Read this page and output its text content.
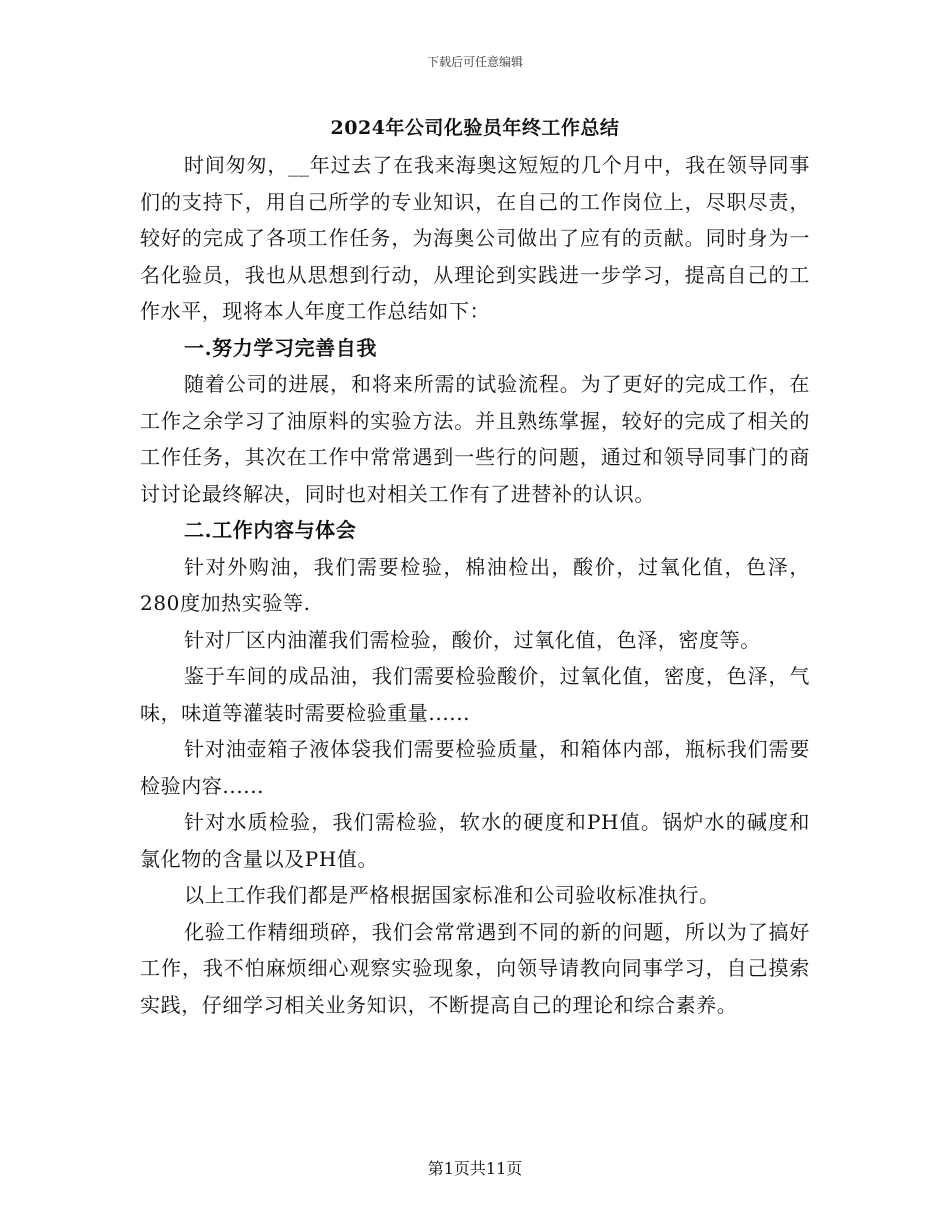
下载后可任意编辑
2024年公司化验员年终工作总结

时间匆匆，__年过去了在我来海奥这短短的几个月中，我在领导同事们的支持下，用自己所学的专业知识，在自己的工作岗位上，尽职尽责，较好的完成了各项工作任务，为海奥公司做出了应有的贡献。同时身为一名化验员，我也从思想到行动，从理论到实践进一步学习，提高自己的工作水平，现将本人年度工作总结如下：

一.努力学习完善自我

随着公司的进展，和将来所需的试验流程。为了更好的完成工作，在工作之余学习了油原料的实验方法。并且熟练掌握，较好的完成了相关的工作任务，其次在工作中常常遇到一些行的问题，通过和领导同事门的商讨讨论最终解决，同时也对相关工作有了进替补的认识。

二.工作内容与体会

针对外购油，我们需要检验，棉油检出，酸价，过氧化值，色泽，280度加热实验等.

针对厂区内油灌我们需检验，酸价，过氧化值，色泽，密度等。

鉴于车间的成品油，我们需要检验酸价，过氧化值，密度，色泽，气味，味道等灌装时需要检验重量......

针对油壶箱子液体袋我们需要检验质量，和箱体内部，瓶标我们需要检验内容......

针对水质检验，我们需检验，软水的硬度和PH值。锅炉水的碱度和氯化物的含量以及PH值。

以上工作我们都是严格根据国家标准和公司验收标准执行。

化验工作精细琐碎，我们会常常遇到不同的新的问题，所以为了搞好工作，我不怕麻烦细心观察实验现象，向领导请教向同事学习，自己摸索实践，仔细学习相关业务知识，不断提高自己的理论和综合素养。

第1页共11页
